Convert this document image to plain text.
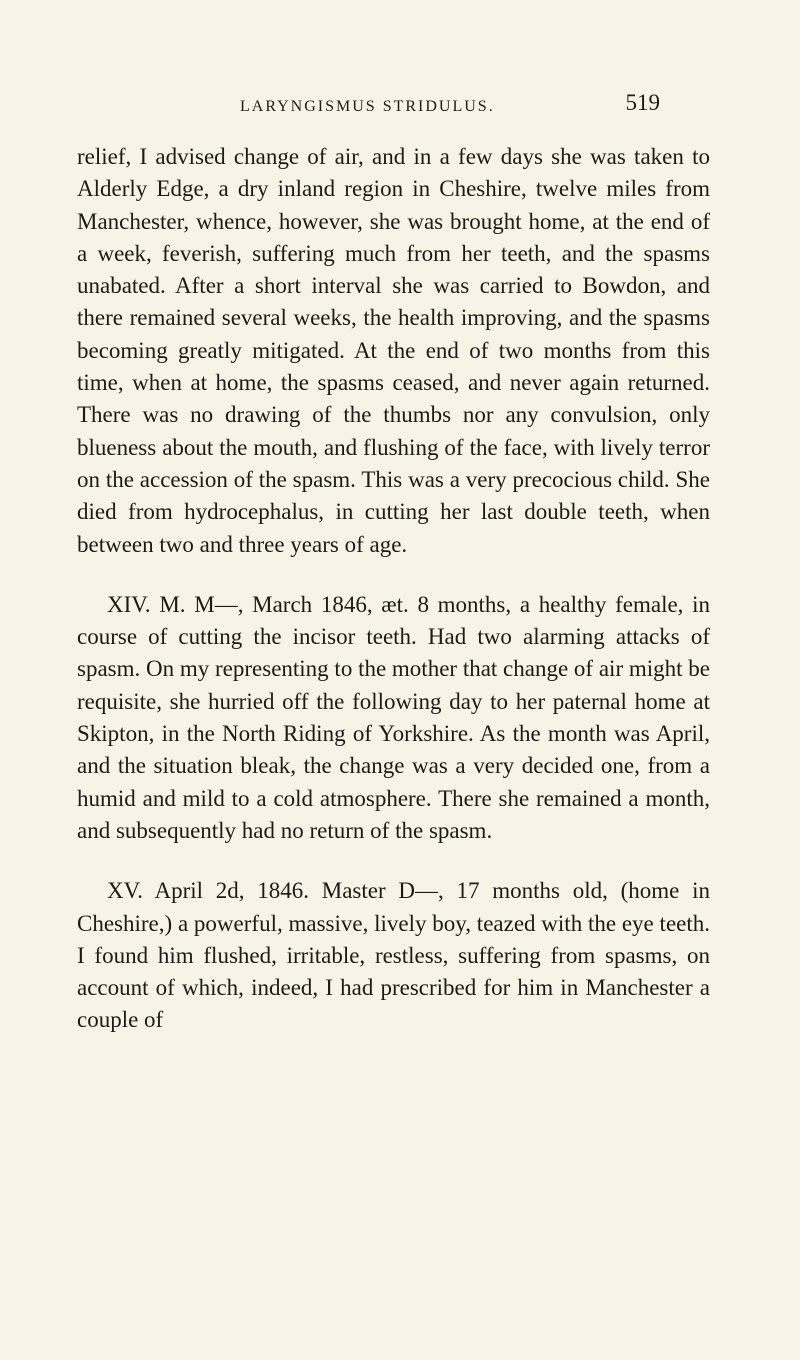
LARYNGISMUS STRIDULUS.	519

relief, I advised change of air, and in a few days she was taken to Alderly Edge, a dry inland region in Cheshire, twelve miles from Manchester, whence, however, she was brought home, at the end of a week, feverish, suffering much from her teeth, and the spasms unabated. After a short interval she was carried to Bowdon, and there remained several weeks, the health improving, and the spasms becoming greatly mitigated. At the end of two months from this time, when at home, the spasms ceased, and never again returned. There was no drawing of the thumbs nor any convulsion, only blueness about the mouth, and flushing of the face, with lively terror on the accession of the spasm. This was a very precocious child. She died from hydrocephalus, in cutting her last double teeth, when between two and three years of age.

XIV. M. M—, March 1846, æt. 8 months, a healthy female, in course of cutting the incisor teeth. Had two alarming attacks of spasm. On my representing to the mother that change of air might be requisite, she hurried off the following day to her paternal home at Skipton, in the North Riding of Yorkshire. As the month was April, and the situation bleak, the change was a very decided one, from a humid and mild to a cold atmosphere. There she remained a month, and subsequently had no return of the spasm.

XV. April 2d, 1846. Master D—, 17 months old, (home in Cheshire,) a powerful, massive, lively boy, teazed with the eye teeth. I found him flushed, irritable, restless, suffering from spasms, on account of which, indeed, I had prescribed for him in Manchester a couple of
